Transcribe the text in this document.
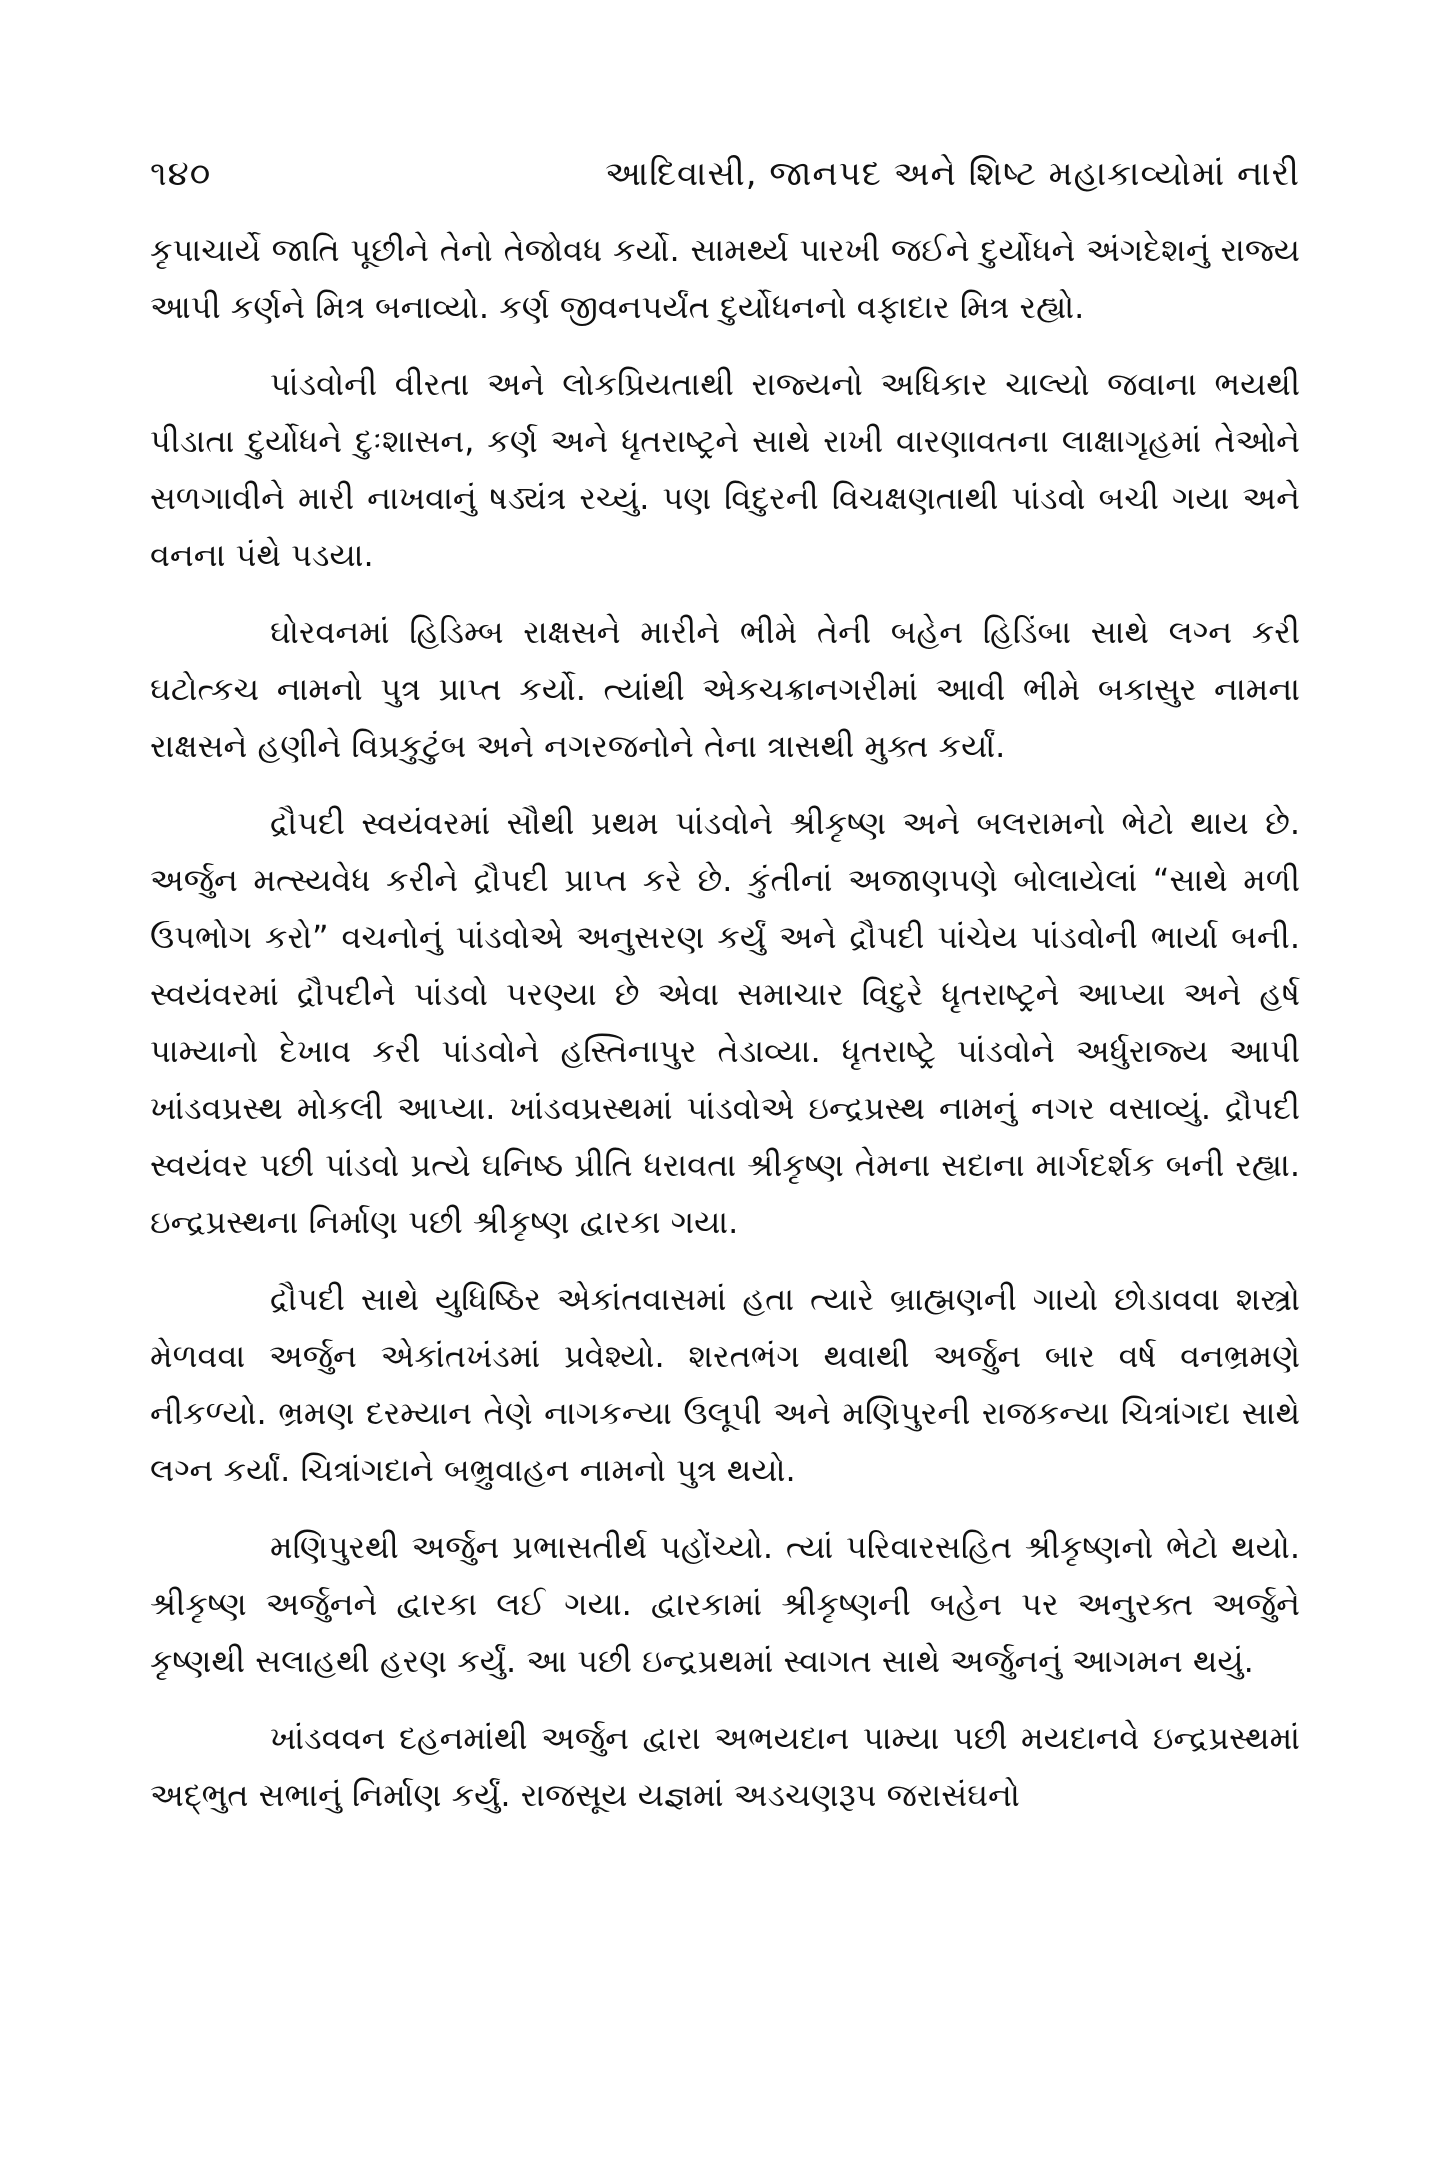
૧૪૦	આદિવાસી, જાનપદ અને શિષ્ટ મહાકાવ્યોમાં નારી

કૃપાચાર્યે જાતિ પૂછીને તેનો તેજોવધ કર્યો. સામર્થ્ય પારખી જઈને દુર્યોધને અંગદેશનું રાજ્ય આપી કર્ણને મિત્ર બનાવ્યો. કર્ણ જીવનપર્યંત દુર્યોધનનો વફાદાર મિત્ર રહ્યો.

પાંડવોની વીરતા અને લોકપ્રિયતાથી રાજ્યનો અધિકાર ચાલ્યો જવાના ભયથી પીડાતા દુર્યોધને દુઃશાસન, કર્ણ અને ધૃતરાષ્ટ્રને સાથે રાખી વારણાવતના લાક્ષાગૃહમાં તેઓને સળગાવીને મારી નાખવાનું ષડ્યંત્ર રચ્યું. પણ વિદુરની વિચક્ષણતાથી પાંડવો બચી ગયા અને વનના પંથે પડયા.

ઘોરવનમાં હિડિમ્બ રાક્ષસને મારીને ભીમે તેની બહેન હિડિંબા સાથે લગ્ન કરી ઘટોત્કચ નામનો પુત્ર પ્રાપ્ત કર્યો. ત્યાંથી એકચક્રાનગરીમાં આવી ભીમે બકાસુર નામના રાક્ષસને હણીને વિપ્રકુટુંબ અને નગરજનોને તેના ત્રાસથી મુક્ત કર્યાં.

દ્રૌપદી સ્વયંવરમાં સૌથી પ્રથમ પાંડવોને શ્રીકૃષ્ણ અને બલરામનો ભેટો થાય છે. અર્જુન મત્સ્યવેધ કરીને દ્રૌપદી પ્રાપ્ત કરે છે. કુંતીનાં અજાણપણે બોલાયેલાં “સાથે મળી ઉપભોગ કરો” વચનોનું પાંડવોએ અનુસરણ કર્યું અને દ્રૌપદી પાંચેય પાંડવોની ભાર્યા બની. સ્વયંવરમાં દ્રૌપદીને પાંડવો પરણ્યા છે એવા સમાચાર વિદુરે ધૃતરાષ્ટ્રને આપ્યા અને હર્ષ પામ્યાનો દેખાવ કરી પાંડવોને હસ્તિનાપુર તેડાવ્યા. ધૃતરાષ્ટ્રે પાંડવોને અર્ધુરાજ્ય આપી ખાંડવપ્રસ્થ મોકલી આપ્યા. ખાંડવપ્રસ્થમાં પાંડવોએ ઇન્દ્રપ્રસ્થ નામનું નગર વસાવ્યું. દ્રૌપદી સ્વયંવર પછી પાંડવો પ્રત્યે ઘનિષ્ઠ પ્રીતિ ધરાવતા શ્રીકૃષ્ણ તેમના સદાના માર્ગદર્શક બની રહ્યા. ઇન્દ્રપ્રસ્થના નિર્માણ પછી શ્રીકૃષ્ણ દ્વારકા ગયા.

દ્રૌપદી સાથે યુધિષ્ઠિર એકાંતવાસમાં હતા ત્યારે બ્રાહ્મણની ગાયો છોડાવવા શસ્ત્રો મેળવવા અર્જુન એકાંતખંડમાં પ્રવેશ્યો. શરતભંગ થવાથી અર્જુન બાર વર્ષ વનભ્રમણે નીકળ્યો. ભ્રમણ દરમ્યાન તેણે નાગકન્યા ઉલૂપી અને મણિપુરની રાજકન્યા ચિત્રાંગદા સાથે લગ્ન કર્યાં. ચિત્રાંગદાને બભ્રુવાહન નામનો પુત્ર થયો.

મણિપુરથી અર્જુન પ્રભાસતીર્થ પહોંચ્યો. ત્યાં પરિવારસહિત શ્રીકૃષ્ણનો ભેટો થયો. શ્રીકૃષ્ણ અર્જુનને દ્વારકા લઈ ગયા. દ્વારકામાં શ્રીકૃષ્ણની બહેન પર અનુરક્ત અર્જુને કૃષ્ણથી સલાહથી હરણ કર્યું. આ પછી ઇન્દ્રપ્રથમાં સ્વાગત સાથે અર્જુનનું આગમન થયું.

ખાંડવવન દહનમાંથી અર્જુન દ્વારા અભયદાન પામ્યા પછી મયદાનવે ઇન્દ્રપ્રસ્થમાં અદ્ભુત સભાનું નિર્માણ કર્યું. રાજસૂય યજ્ઞમાં અડચણરૂપ જરાસંઘનો
